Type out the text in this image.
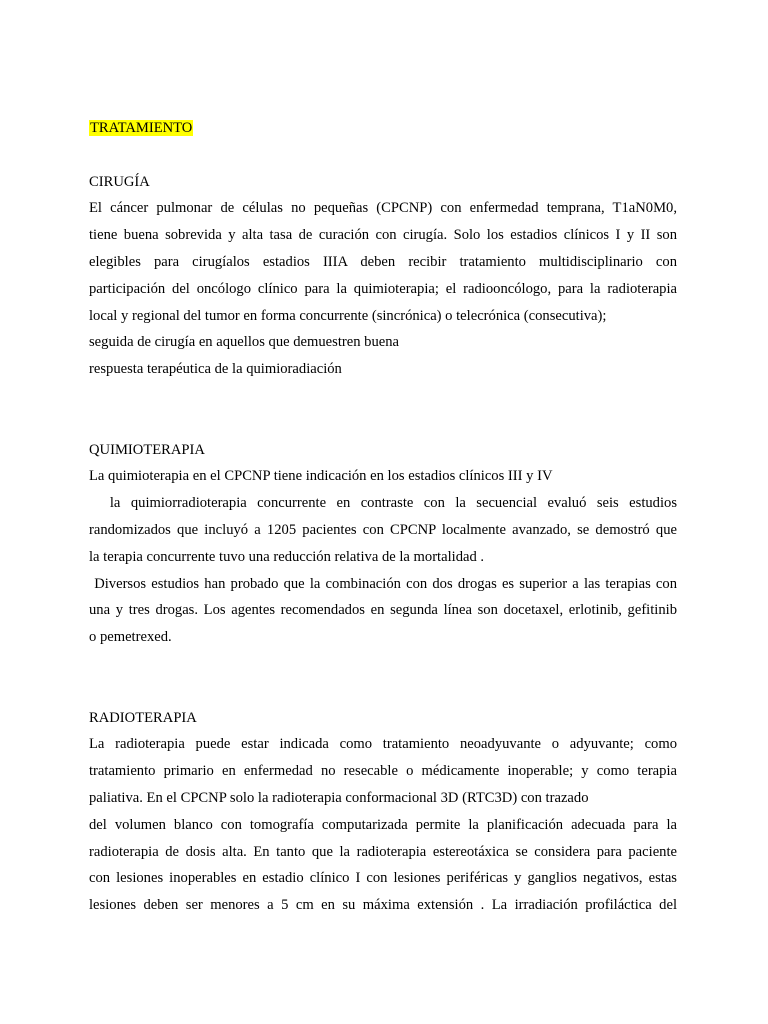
TRATAMIENTO
CIRUGÍA
El cáncer pulmonar de células no pequeñas (CPCNP) con enfermedad temprana, T1aN0M0,
tiene buena sobrevida y alta tasa de curación con cirugía. Solo los estadios clínicos I y II son
elegibles para cirugíalos estadios IIIA deben recibir tratamiento multidisciplinario con
participación del oncólogo clínico para la quimioterapia; el radiooncólogo, para la radioterapia
local y regional del tumor en forma concurrente (sincrónica) o telecrónica (consecutiva);
seguida de cirugía en aquellos que demuestren buena
respuesta terapéutica de la quimioradiación
QUIMIOTERAPIA
La quimioterapia en el CPCNP tiene indicación en los estadios clínicos III y IV
la quimiorradioterapia concurrente en contraste con la secuencial evaluó seis estudios
randomizados que incluyó a 1205 pacientes con CPCNP localmente avanzado, se demostró que
la terapia concurrente tuvo una reducción relativa de la mortalidad .
Diversos estudios han probado que la combinación con dos drogas es superior a las terapias con
una y tres drogas. Los agentes recomendados en segunda línea son docetaxel, erlotinib, gefitinib
o pemetrexed.
RADIOTERAPIA
La radioterapia puede estar indicada como tratamiento neoadyuvante o adyuvante; como
tratamiento primario en enfermedad no resecable o médicamente inoperable; y como terapia
paliativa. En el CPCNP solo la radioterapia conformacional 3D (RTC3D) con trazado
del volumen blanco con tomografía computarizada permite la planificación adecuada para la
radioterapia de dosis alta. En tanto que la radioterapia estereotáxica se considera para paciente
con lesiones inoperables en estadio clínico I con lesiones periféricas y ganglios negativos, estas
lesiones deben ser menores a 5 cm en su máxima extensión . La irradiación profiláctica del
